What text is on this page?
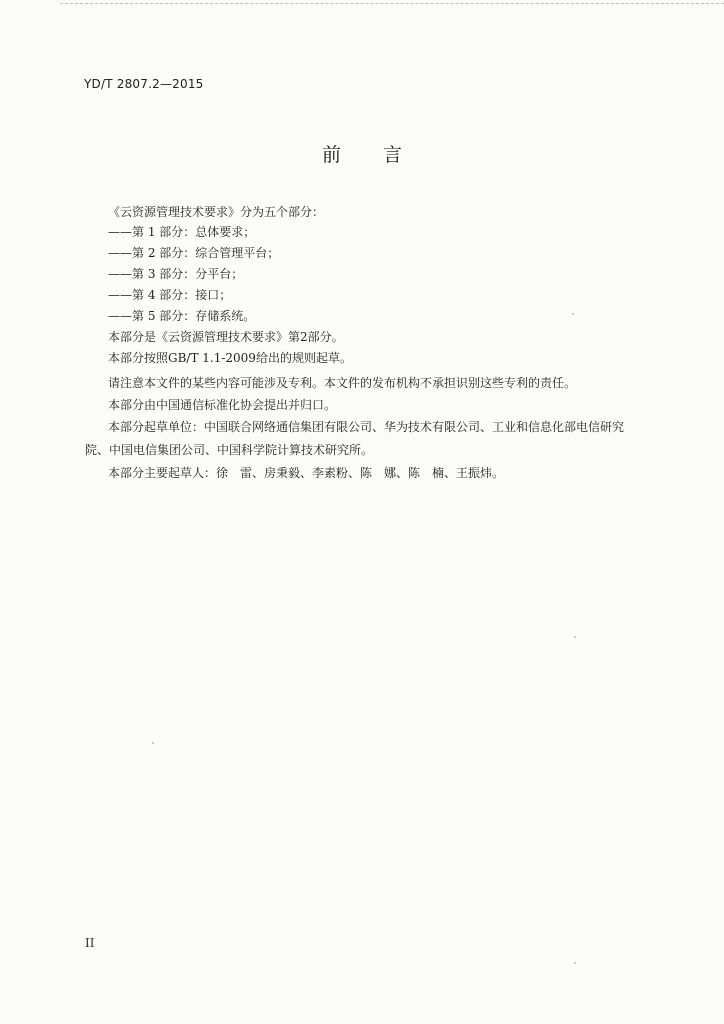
YD/T 2807.2—2015
前 言
《云资源管理技术要求》分为五个部分：
——第 1 部分：总体要求；
——第 2 部分：综合管理平台；
——第 3 部分：分平台；
——第 4 部分：接口；
——第 5 部分：存储系统。
本部分是《云资源管理技术要求》第2部分。
本部分按照GB/T 1.1-2009给出的规则起草。
请注意本文件的某些内容可能涉及专利。本文件的发布机构不承担识别这些专利的责任。
本部分由中国通信标准化协会提出并归口。
本部分起草单位：中国联合网络通信集团有限公司、华为技术有限公司、工业和信息化部电信研究
院、中国电信集团公司、中国科学院计算技术研究所。
本部分主要起草人：徐　雷、房秉毅、李素粉、陈　娜、陈　楠、王振炜。
II
